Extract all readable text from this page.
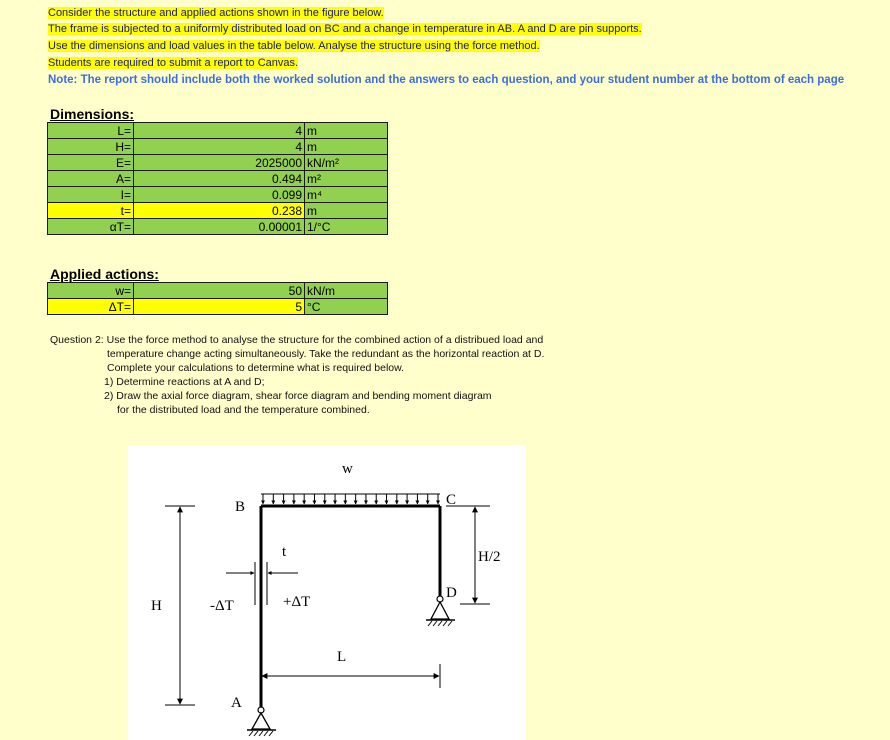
Consider the structure and applied actions shown in the figure below.
The frame is subjected to a uniformly distributed load on BC and a change in temperature in AB. A and D are pin supports.
Use the dimensions and load values in the table below. Analyse the structure using the force method.
Students are required to submit a report to Canvas.
Note: The report should include both the worked solution and the answers to each question, and your student number at the bottom of each page
Dimensions:
L=	4	m
H=	4	m
E=	2025000	kN/m²
A=	0.494	m²
I=	0.099	m⁴
t=	0.238	m
αT=	0.00001	1/°C
Applied actions:
w=	50	kN/m
ΔT=	5	°C
Question 2: Use the force method to analyse the structure for the combined action of a distribued load and
temperature change acting simultaneously. Take the redundant as the horizontal reaction at D.
Complete your calculations to determine what is required below.
1) Determine reactions at A and D;
2) Draw the axial force diagram, shear force diagram and bending moment diagram
for the distributed load and the temperature combined.
w
B	C
D
A
t
H
L
H/2
-ΔT	+ΔT
